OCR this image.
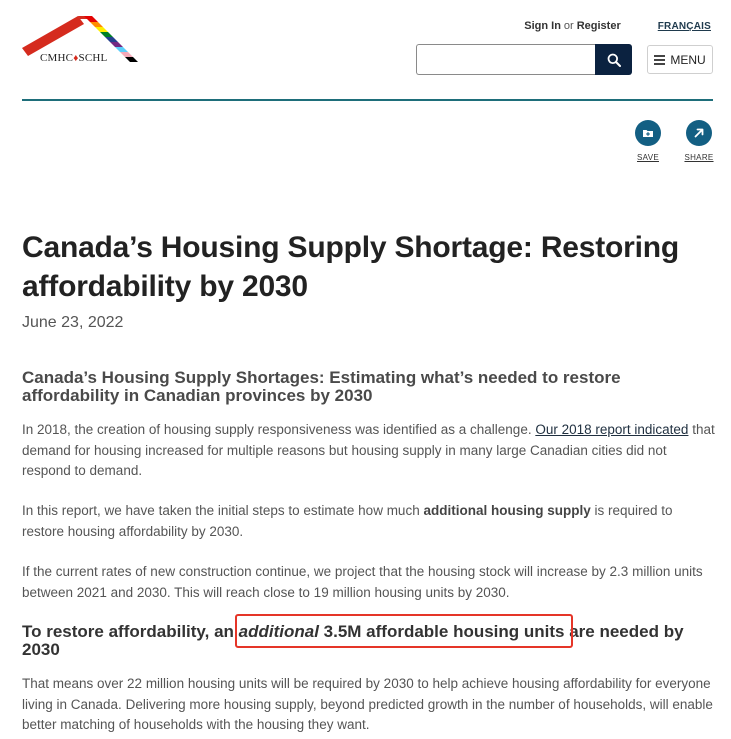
CMHC♦SCHL
Sign In or Register	FRANÇAIS
MENU
SAVE	SHARE
Canada’s Housing Supply Shortage: Restoring affordability by 2030
June 23, 2022
Canada’s Housing Supply Shortages: Estimating what’s needed to restore affordability in Canadian provinces by 2030

In 2018, the creation of housing supply responsiveness was identified as a challenge. Our 2018 report indicated that demand for housing increased for multiple reasons but housing supply in many large Canadian cities did not respond to demand.

In this report, we have taken the initial steps to estimate how much additional housing supply is required to restore housing affordability by 2030.

If the current rates of new construction continue, we project that the housing stock will increase by 2.3 million units between 2021 and 2030. This will reach close to 19 million housing units by 2030.

To restore affordability, an additional 3.5M affordable housing units are needed by 2030

That means over 22 million housing units will be required by 2030 to help achieve housing affordability for everyone living in Canada. Delivering more housing supply, beyond predicted growth in the number of households, will enable better matching of households with the housing they want.
